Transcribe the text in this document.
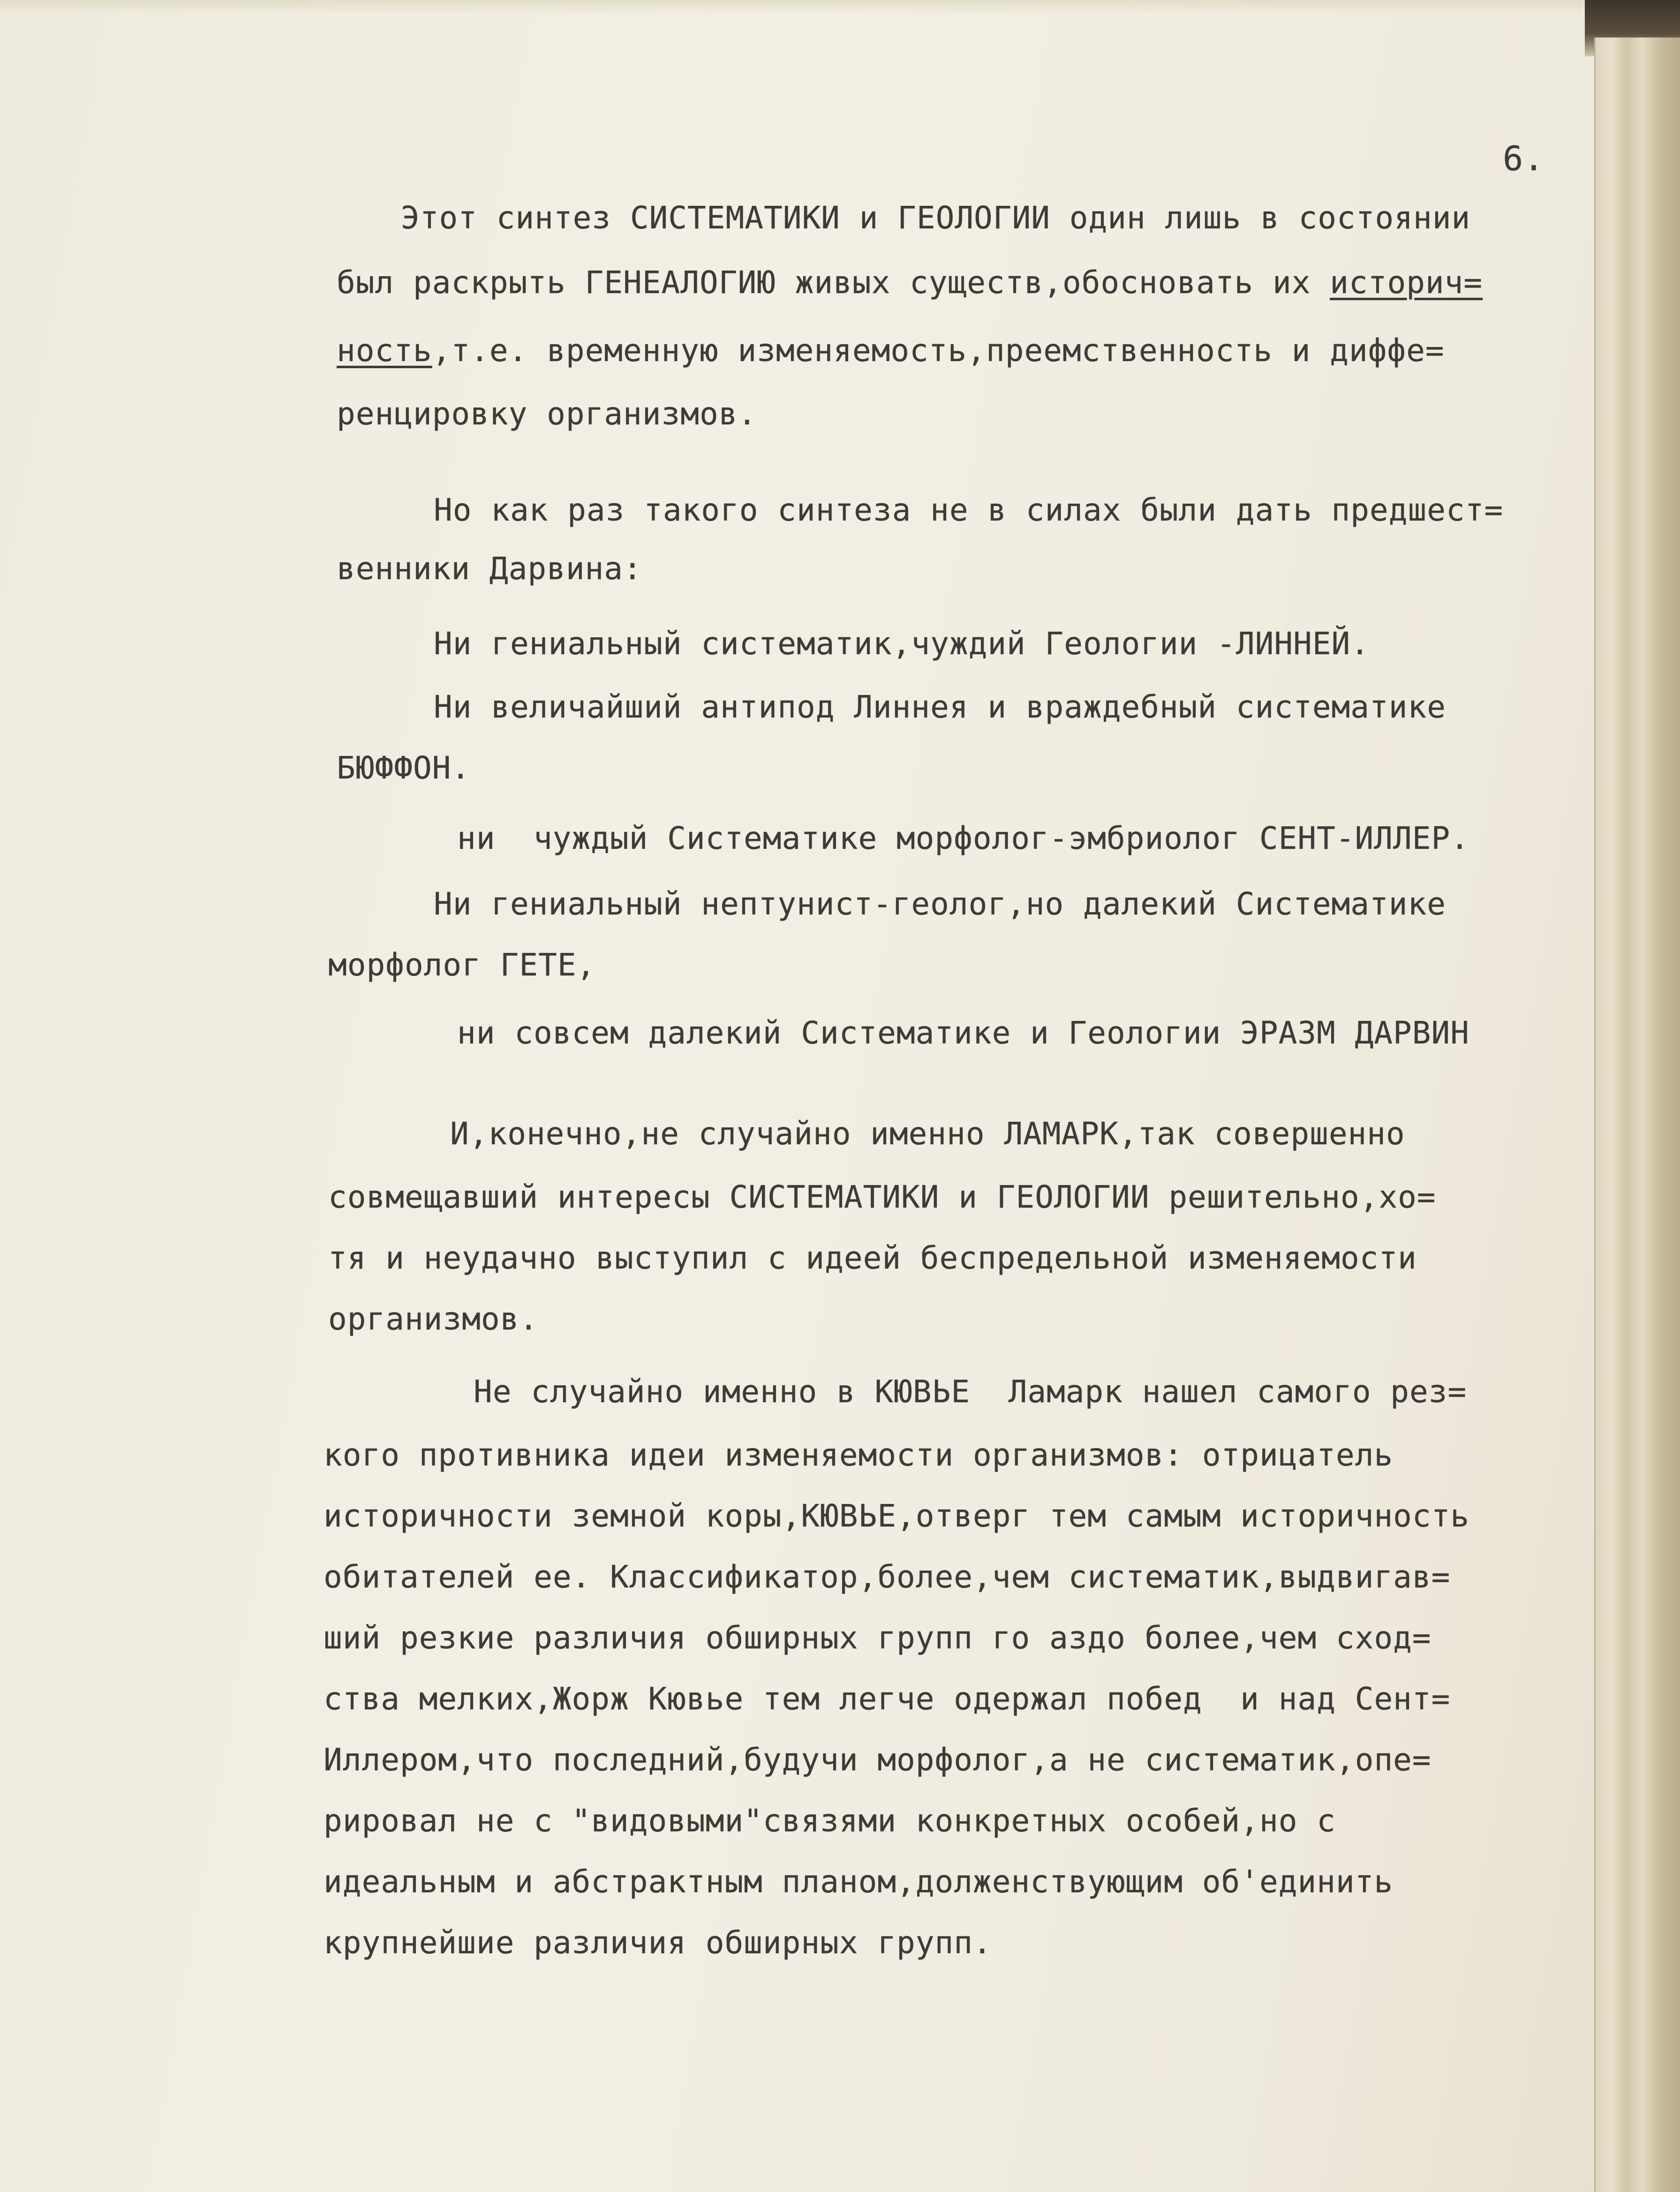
6.
Этот синтез СИСТЕМАТИКИ и ГЕОЛОГИИ один лишь в состоянии
был раскрыть ГЕНЕАЛОГИЮ живых существ,обосновать их историч=
ность,т.е. временную изменяемость,преемственность и диффе=
ренцировку организмов.
Но как раз такого синтеза не в силах были дать предшест=
венники Дарвина:
Ни гениальный систематик,чуждий Геологии -ЛИННЕЙ.
Ни величайший антипод Линнея и враждебный систематике
БЮФФОН.
ни  чуждый Систематике морфолог-эмбриолог СЕНТ-ИЛЛЕР.
Ни гениальный нептунист-геолог,но далекий Систематике
морфолог ГЕТЕ,
ни совсем далекий Систематике и Геологии ЭРАЗМ ДАРВИН
И,конечно,не случайно именно ЛАМАРК,так совершенно
совмещавший интересы СИСТЕМАТИКИ и ГЕОЛОГИИ решительно,хо=
тя и неудачно выступил с идеей беспредельной изменяемости
организмов.
Не случайно именно в КЮВЬЕ  Ламарк нашел самого рез=
кого противника идеи изменяемости организмов: отрицатель
историчности земной коры,КЮВЬЕ,отверг тем самым историчность
обитателей ее. Классификатор,более,чем систематик,выдвигав=
ший резкие различия обширных групп го аздо более,чем сход=
ства мелких,Жорж Кювье тем легче одержал побед  и над Сент=
Иллером,что последний,будучи морфолог,а не систематик,опе=
рировал не с "видовыми"связями конкретных особей,но с
идеальным и абстрактным планом,долженствующим об'единить
крупнейшие различия обширных групп.
